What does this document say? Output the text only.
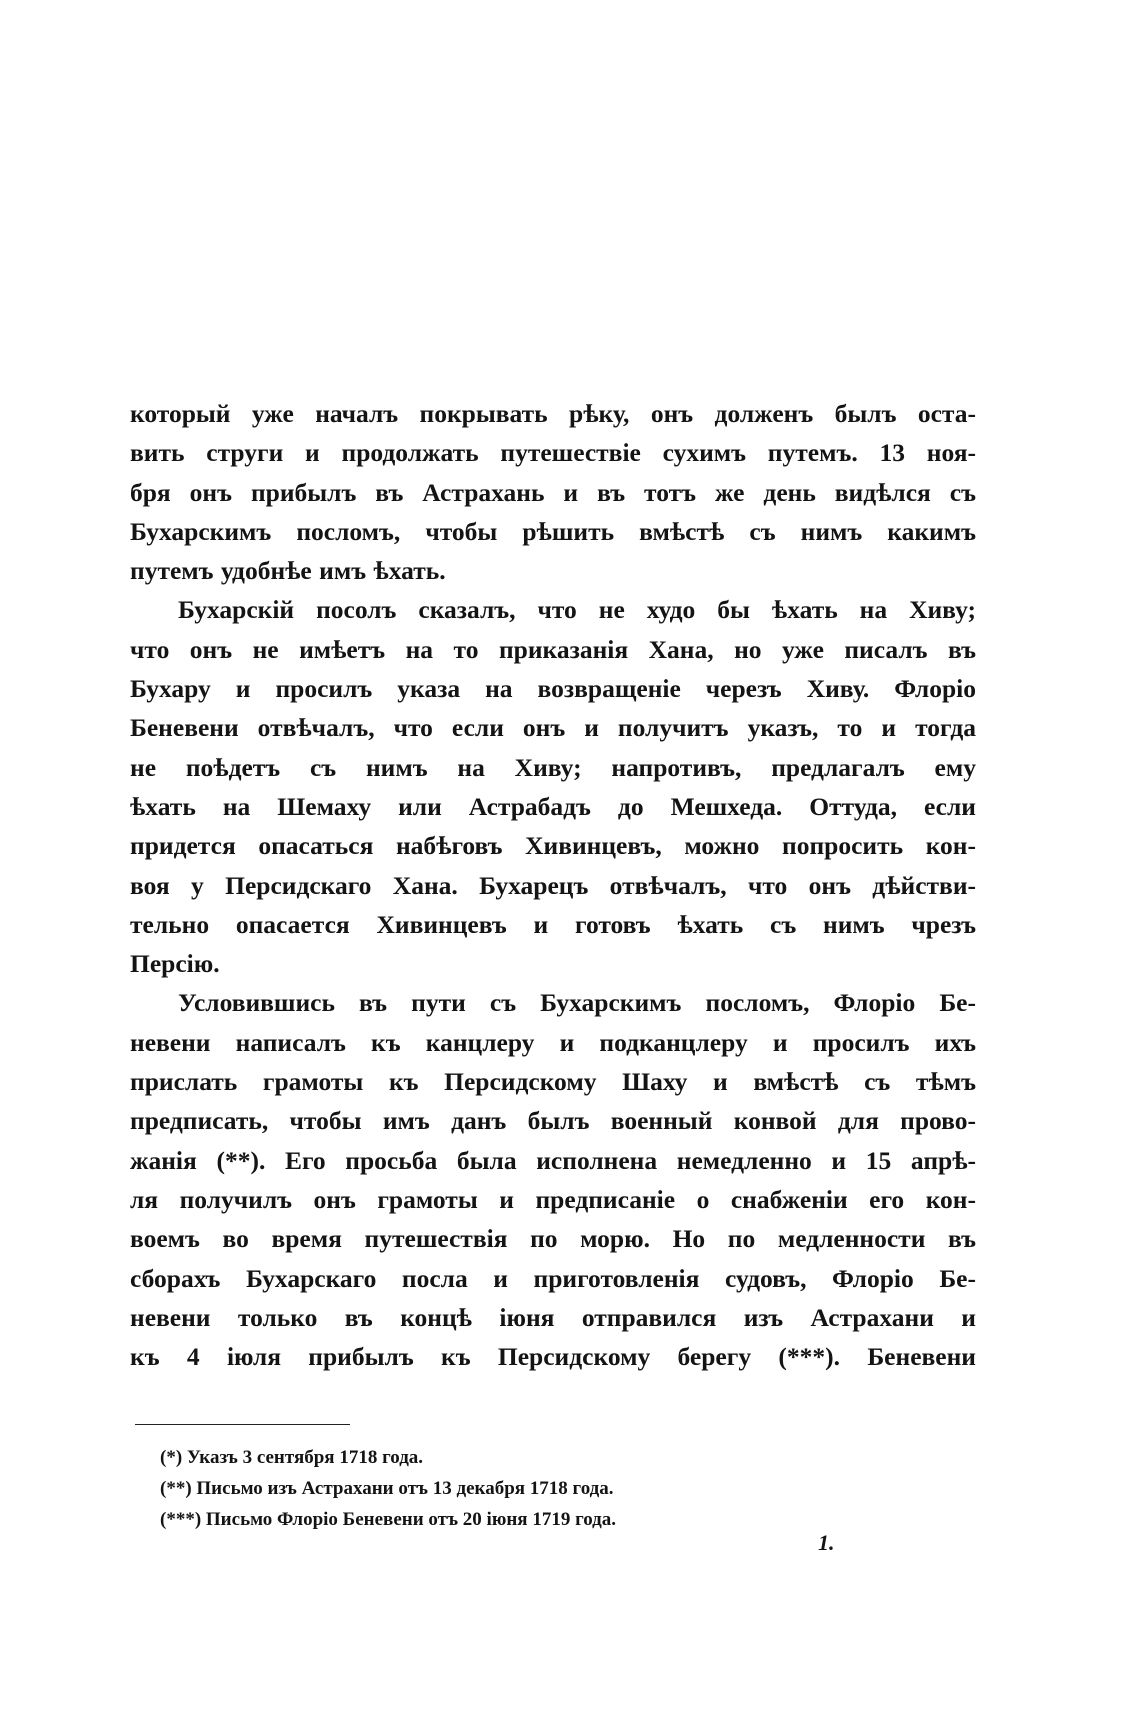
который уже началъ покрывать рѣку, онъ долженъ былъ оста-
вить струги и продолжать путешествіе сухимъ путемъ. 13 ноя-
бря онъ прибылъ въ Астрахань и въ тотъ же день видѣлся съ
Бухарскимъ посломъ, чтобы рѣшить вмѣстѣ съ нимъ какимъ
путемъ удобнѣе имъ ѣхать.
Бухарскій посолъ сказалъ, что не худо бы ѣхать на Хиву;
что онъ не имѣетъ на то приказанія Хана, но уже писалъ въ
Бухару и просилъ указа на возвращеніе черезъ Хиву. Флоріо
Беневени отвѣчалъ, что если онъ и получитъ указъ, то и тогда
не поѣдетъ съ нимъ на Хиву; напротивъ, предлагалъ ему
ѣхать на Шемаху или Астрабадъ до Мешхеда. Оттуда, если
придется опасаться набѣговъ Хивинцевъ, можно попросить кон-
воя у Персидскаго Хана. Бухарецъ отвѣчалъ, что онъ дѣйстви-
тельно опасается Хивинцевъ и готовъ ѣхать съ нимъ чрезъ
Персію.
Условившись въ пути съ Бухарскимъ посломъ, Флоріо Бе-
невени написалъ къ канцлеру и подканцлеру и просилъ ихъ
прислать грамоты къ Персидскому Шаху и вмѣстѣ съ тѣмъ
предписать, чтобы имъ данъ былъ военный конвой для прово-
жанія (**). Его просьба была исполнена немедленно и 15 апрѣ-
ля получилъ онъ грамоты и предписаніе о снабженіи его кон-
воемъ во время путешествія по морю. Но по медленности въ
сборахъ Бухарскаго посла и приготовленія судовъ, Флоріо Бе-
невени только въ концѣ іюня отправился изъ Астрахани и
къ 4 іюля прибылъ къ Персидскому берегу (***). Беневени
(*) Указъ 3 сентября 1718 года.
(**) Письмо изъ Астрахани отъ 13 декабря 1718 года.
(***) Письмо Флоріо Беневени отъ 20 іюня 1719 года.
1.
